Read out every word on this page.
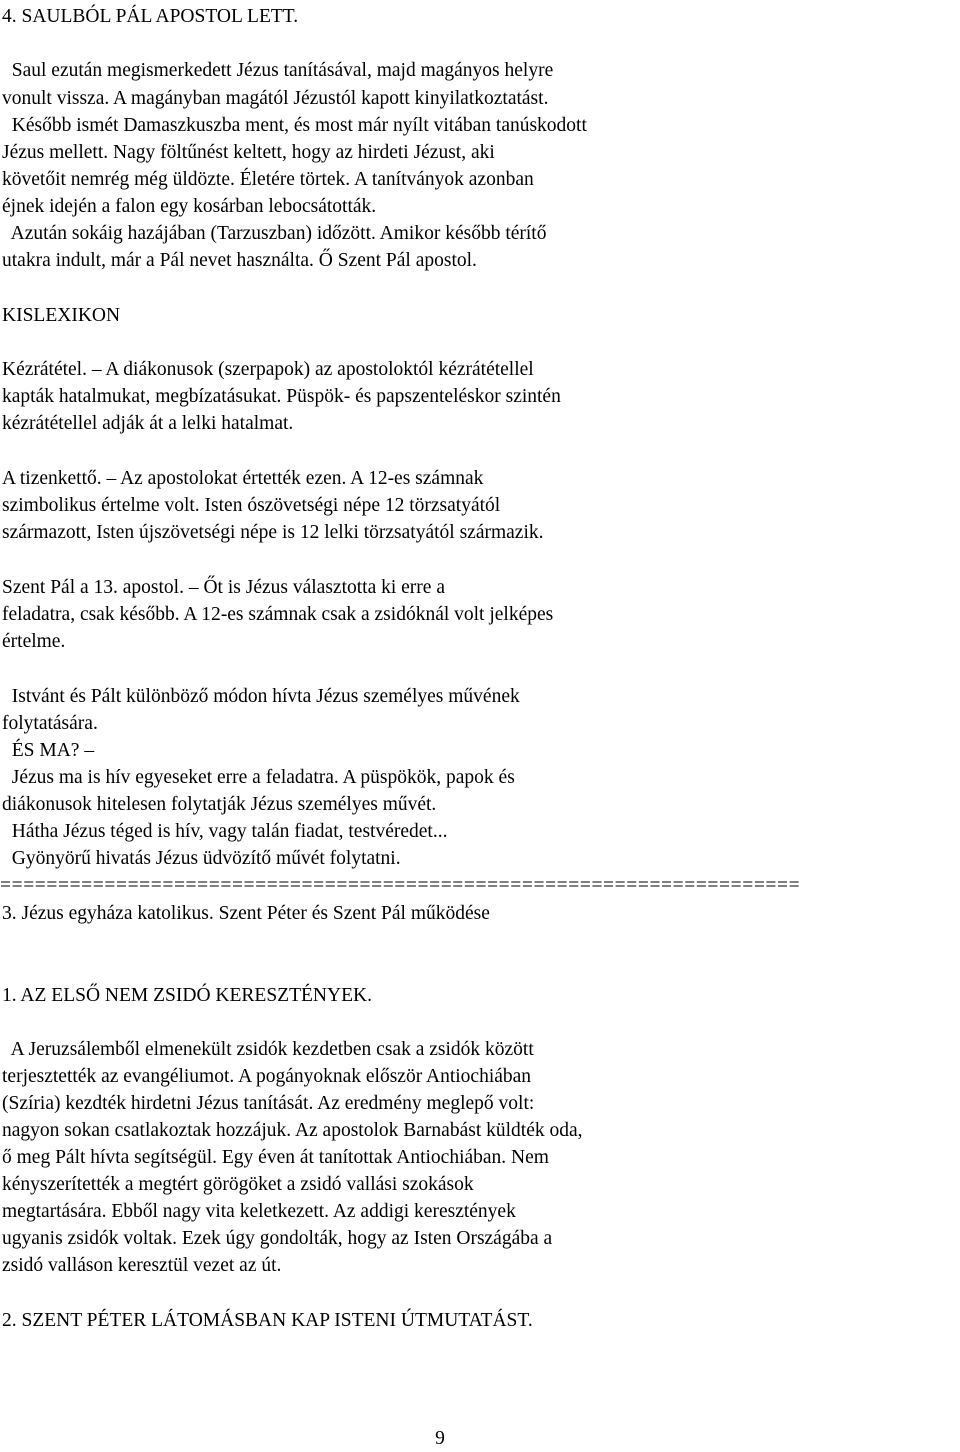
4. SAULBÓL PÁL APOSTOL LETT.

Saul ezután megismerkedett Jézus tanításával, majd magányos helyre

vonult vissza. A magányban magától Jézustól kapott kinyilatkoztatást.

Később ismét Damaszkuszba ment, és most már nyílt vitában tanúskodott

Jézus mellett. Nagy föltűnést keltett, hogy az hirdeti Jézust, aki

követőit nemrég még üldözte. Életére törtek. A tanítványok azonban

éjnek idején a falon egy kosárban lebocsátották.

Azután sokáig hazájában (Tarzuszban) időzött. Amikor később térítő

utakra indult, már a Pál nevet használta. Ő Szent Pál apostol.

KISLEXIKON

Kézrátétel. – A diákonusok (szerpapok) az apostoloktól kézrátétellel

kapták hatalmukat, megbízatásukat. Püspök- és papszenteléskor szintén

kézrátétellel adják át a lelki hatalmat.

A tizenkettő. – Az apostolokat értették ezen. A 12-es számnak

szimbolikus értelme volt. Isten ószövetségi népe 12 törzsatyától

származott, Isten újszövetségi népe is 12 lelki törzsatyától származik.

Szent Pál a 13. apostol. – Őt is Jézus választotta ki erre a

feladatra, csak később. A 12-es számnak csak a zsidóknál volt jelképes

értelme.

Istvánt és Pált különböző módon hívta Jézus személyes művének

folytatására.

ÉS MA? –

Jézus ma is hív egyeseket erre a feladatra. A püspökök, papok és

diákonusok hitelesen folytatják Jézus személyes művét.

Hátha Jézus téged is hív, vagy talán fiadat, testvéredet...

Gyönyörű hivatás Jézus üdvözítő művét folytatni.

=====================================================================

3. Jézus egyháza katolikus. Szent Péter és Szent Pál működése

1. AZ ELSŐ NEM ZSIDÓ KERESZTÉNYEK.

A Jeruzsálemből elmenekült zsidók kezdetben csak a zsidók között

terjesztették az evangéliumot. A pogányoknak először Antiochiában

(Szíria) kezdték hirdetni Jézus tanítását. Az eredmény meglepő volt:

nagyon sokan csatlakoztak hozzájuk. Az apostolok Barnabást küldték oda,

ő meg Pált hívta segítségül. Egy éven át tanítottak Antiochiában. Nem

kényszerítették a megtért görögöket a zsidó vallási szokások

megtartására. Ebből nagy vita keletkezett. Az addigi keresztények

ugyanis zsidók voltak. Ezek úgy gondolták, hogy az Isten Országába a

zsidó valláson keresztül vezet az út.

2. SZENT PÉTER LÁTOMÁSBAN KAP ISTENI ÚTMUTATÁST.

9
